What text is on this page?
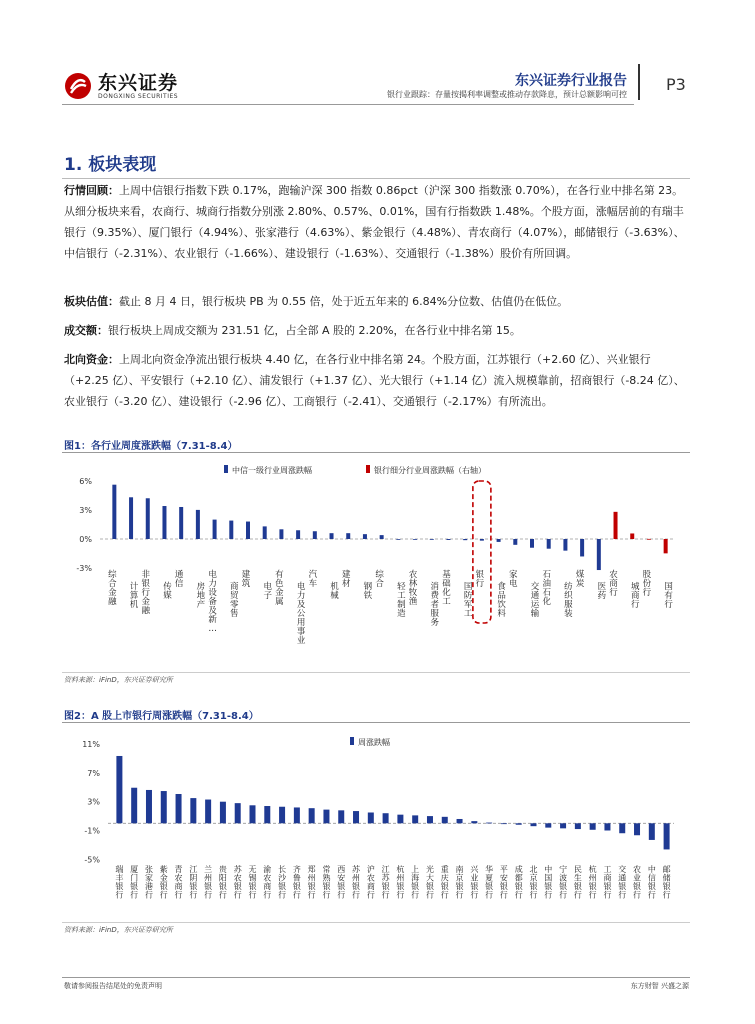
东兴证券
DONGXING SECURITIES
东兴证券行业报告
银行业跟踪：存量按揭利率调整或推动存款降息，预计总额影响可控
P3
1. 板块表现
行情回顾：上周中信银行指数下跌 0.17%，跑输沪深 300 指数 0.86pct（沪深 300 指数涨 0.70%），在各行业中排名第 23。从细分板块来看，农商行、城商行指数分别涨 2.80%、0.57%、0.01%，国有行指数跌 1.48%。个股方面，涨幅居前的有瑞丰银行（9.35%）、厦门银行（4.94%）、张家港行（4.63%）、紫金银行（4.48%）、青农商行（4.07%），邮储银行（-3.63%）、中信银行（-2.31%）、农业银行（-1.66%）、建设银行（-1.63%）、交通银行（-1.38%）股价有所回调。
板块估值：截止 8 月 4 日，银行板块 PB 为 0.55 倍，处于近五年来的 6.84%分位数、估值仍在低位。
成交额：银行板块上周成交额为 231.51 亿，占全部 A 股的 2.20%，在各行业中排名第 15。
北向资金：上周北向资金净流出银行板块 4.40 亿，在各行业中排名第 24。个股方面，江苏银行（+2.60 亿）、兴业银行（+2.25 亿）、平安银行（+2.10 亿）、浦发银行（+1.37 亿）、光大银行（+1.14 亿）流入规模靠前，招商银行（-8.24 亿）、农业银行（-3.20 亿）、建设银行（-2.96 亿）、工商银行（-2.41）、交通银行（-2.17%）有所流出。
图1：各行业周度涨跌幅（7.31-8.4）
6%
3%
0%
-3%
中信一级行业周涨跌幅	银行细分行业周涨跌幅（右轴）
综合金融
计算机
非银行金融
传媒
通信 房地产
电力设备及新…
商贸零售
建筑 电子
有色金属
电力及公用事业
汽车 机械
建材 钢铁
综合 轻工制造
农林牧渔
消费者服务
基础化工
国防军工
银行 食品饮料
家电 交通运输
石油石化
纺织服装
煤炭 医药
农商行
城商行
股份行
国有行
资料来源：iFinD，东兴证券研究所
图2：A 股上市银行周涨跌幅（7.31-8.4）
11%
7%
3%
-1%
-5%
周涨跌幅
瑞丰银行
厦门银行
张家港行
紫金银行
青农商行
江阴银行
兰州银行
贵阳银行
苏农银行
无锡银行
渝农商行
长沙银行
齐鲁银行
郑州银行
常熟银行
西安银行
苏州银行
沪农商行
江苏银行
杭州银行
上海银行
光大银行
重庆银行
南京银行
兴业银行
华夏银行
平安银行
成都银行
北京银行
中国银行
宁波银行
民生银行
杭州银行
工商银行
交通银行
农业银行
中信银行
邮储银行
资料来源：iFinD，东兴证券研究所
敬请参阅报告结尾处的免责声明	东方财智 兴盛之源
